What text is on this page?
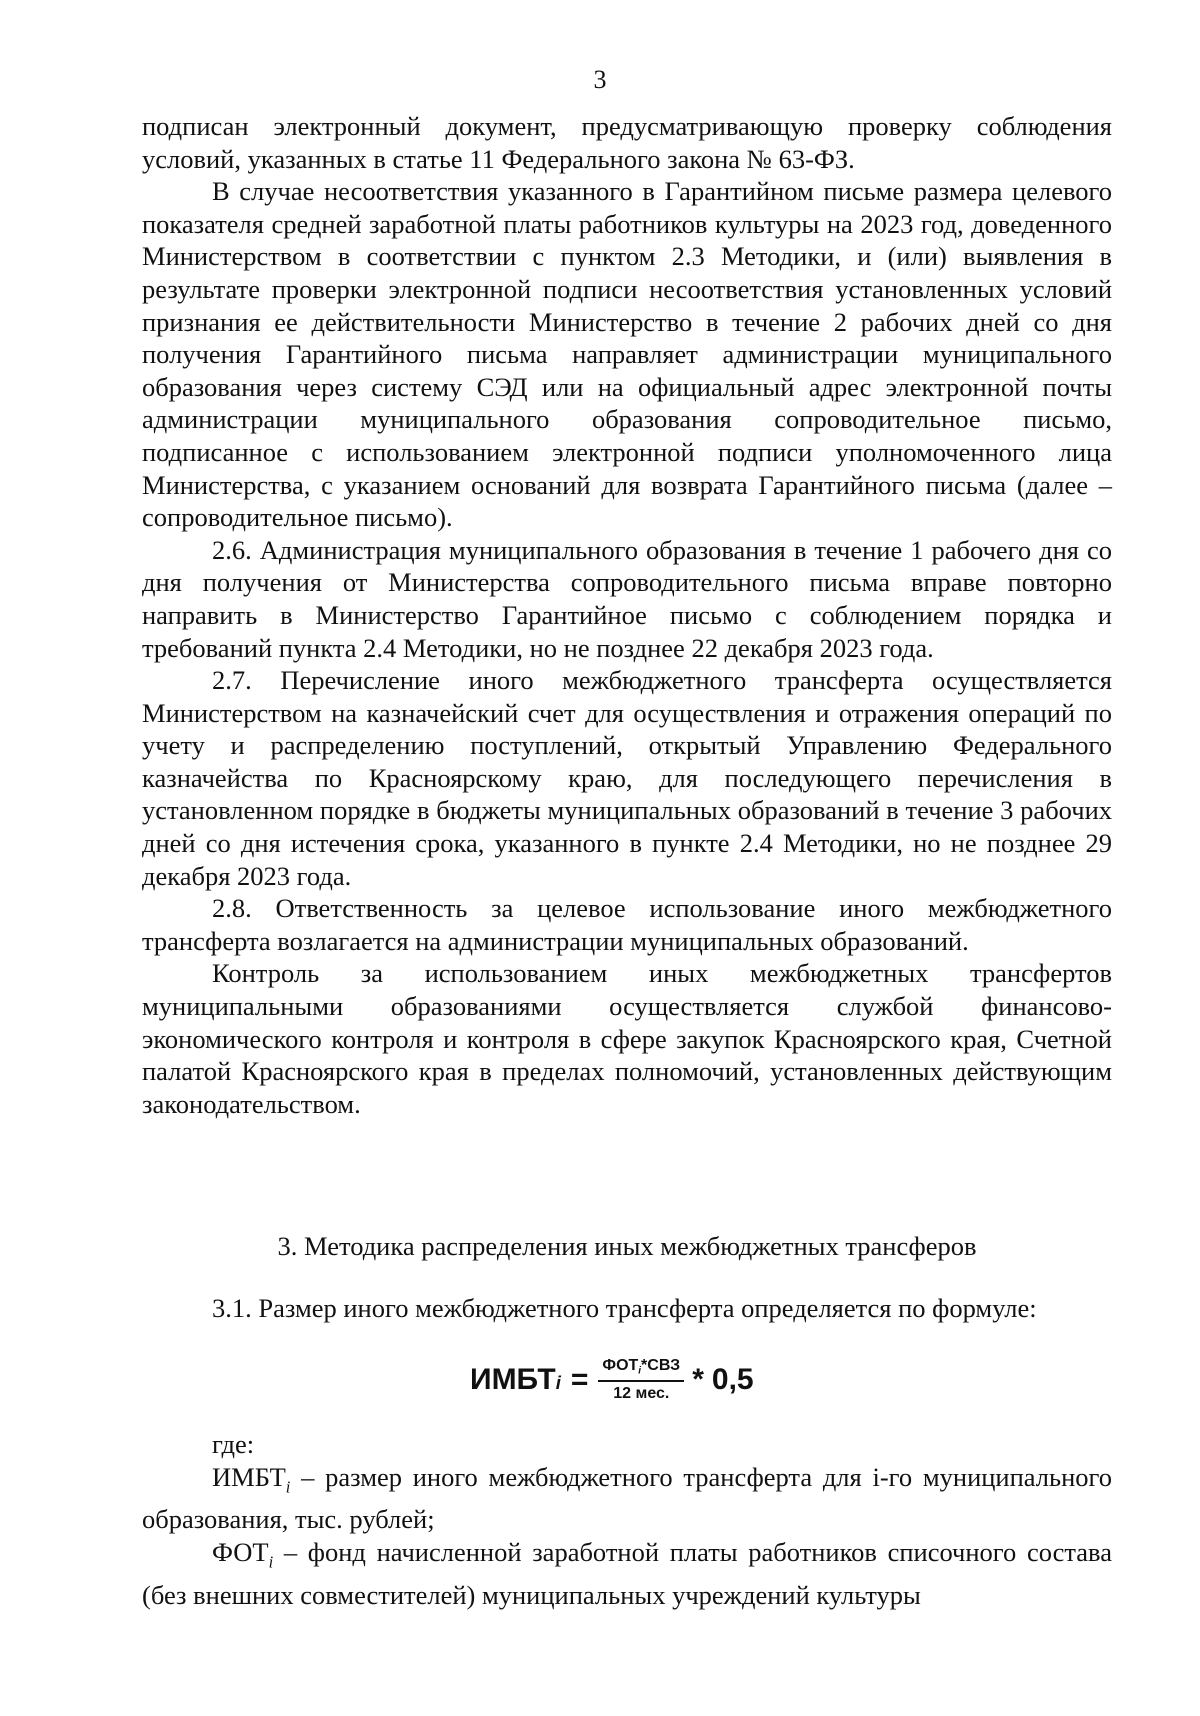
3

подписан электронный документ, предусматривающую проверку соблюдения условий, указанных в статье 11 Федерального закона № 63-ФЗ.

В случае несоответствия указанного в Гарантийном письме размера целевого показателя средней заработной платы работников культуры на 2023 год, доведенного Министерством в соответствии с пунктом 2.3 Методики, и (или) выявления в результате проверки электронной подписи несоответствия установленных условий признания ее действительности Министерство в течение 2 рабочих дней со дня получения Гарантийного письма направляет администрации муниципального образования через систему СЭД или на официальный адрес электронной почты администрации муниципального образования сопроводительное письмо, подписанное с использованием электронной подписи уполномоченного лица Министерства, с указанием оснований для возврата Гарантийного письма (далее – сопроводительное письмо).

2.6. Администрация муниципального образования в течение 1 рабочего дня со дня получения от Министерства сопроводительного письма вправе повторно направить в Министерство Гарантийное письмо с соблюдением порядка и требований пункта 2.4 Методики, но не позднее 22 декабря 2023 года.

2.7. Перечисление иного межбюджетного трансферта осуществляется Министерством на казначейский счет для осуществления и отражения операций по учету и распределению поступлений, открытый Управлению Федерального казначейства по Красноярскому краю, для последующего перечисления в установленном порядке в бюджеты муниципальных образований в течение 3 рабочих дней со дня истечения срока, указанного в пункте 2.4 Методики, но не позднее 29 декабря 2023 года.

2.8. Ответственность за целевое использование иного межбюджетного трансферта возлагается на администрации муниципальных образований.

Контроль за использованием иных межбюджетных трансфертов муниципальными образованиями осуществляется службой финансово-экономического контроля и контроля в сфере закупок Красноярского края, Счетной палатой Красноярского края в пределах полномочий, установленных действующим законодательством.

3. Методика распределения иных межбюджетных трансферов

3.1. Размер иного межбюджетного трансферта определяется по формуле:

ИМБТ $i = \frac{ФОТ_i*СВЗ}{\text{12 мес.}} * 0,5$

где:

$ИМБТ_i$ – размер иного межбюджетного трансферта для i-го муниципального образования, тыс. рублей;

$ФОТ_i$ – фонд начисленной заработной платы работников списочного состава (без внешних совместителей) муниципальных учреждений культуры
